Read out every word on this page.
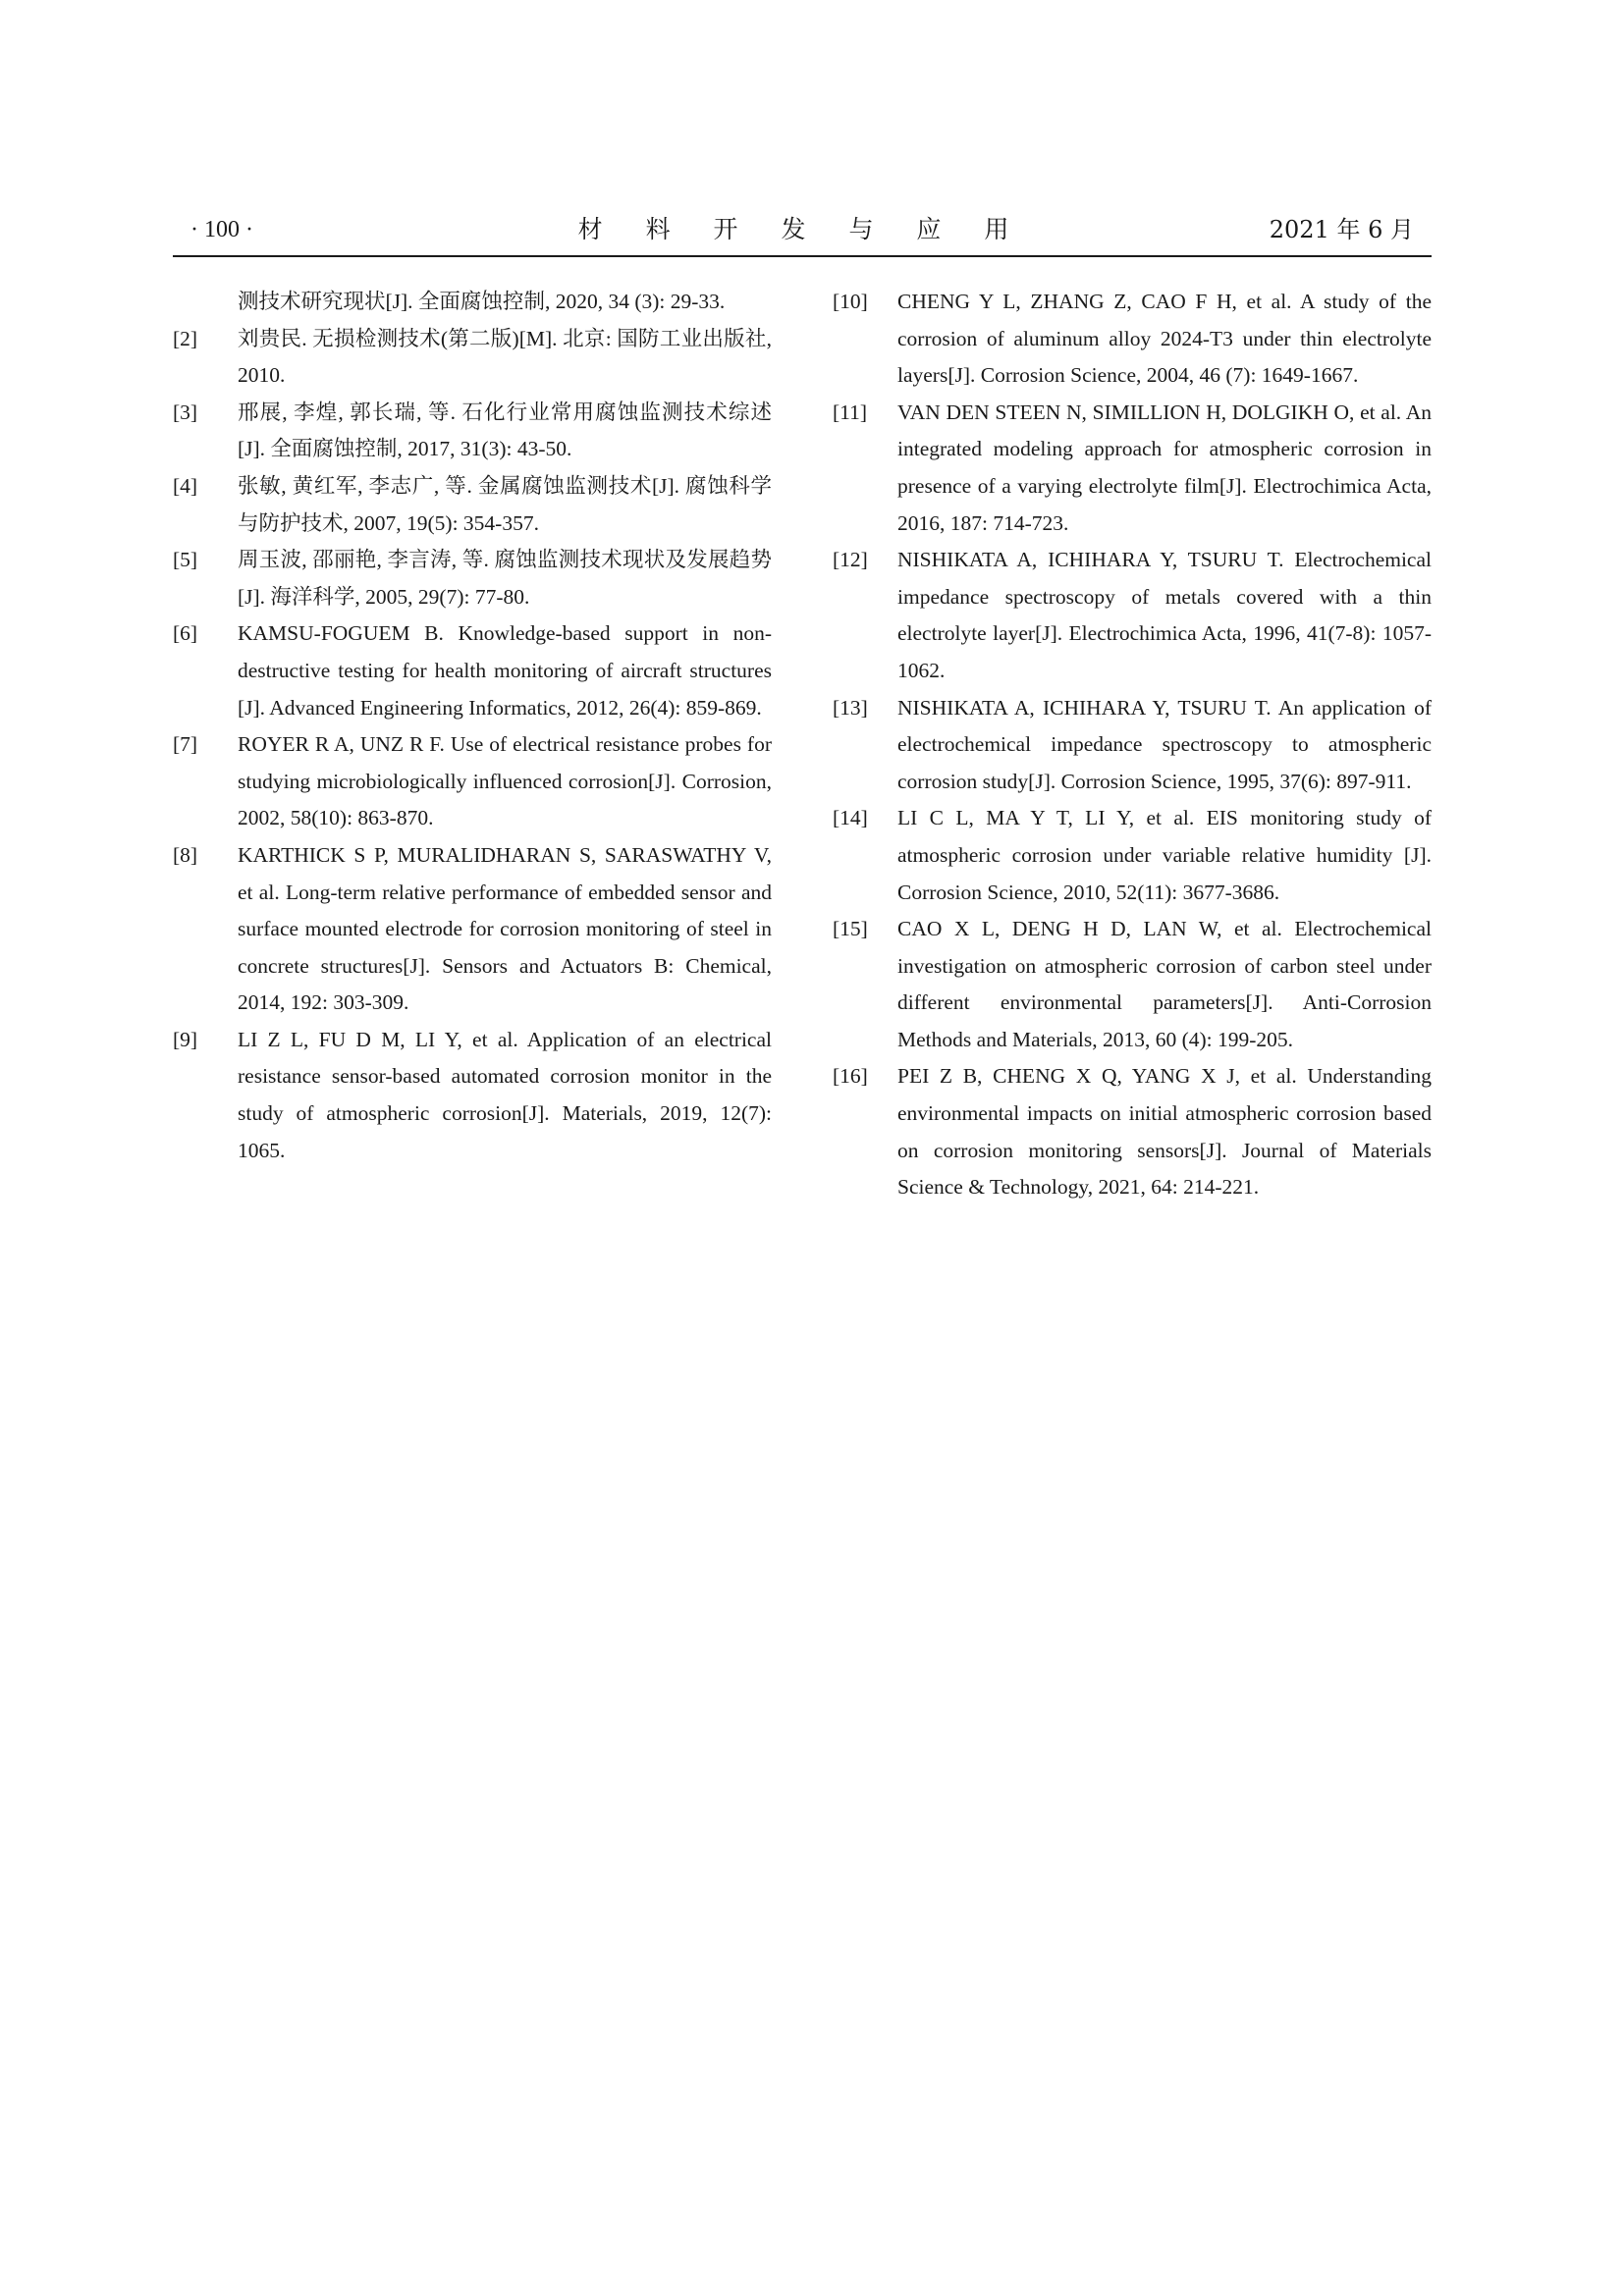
· 100 ·	材 料 开 发 与 应 用	2021 年 6 月
测技术研究现状[J]. 全面腐蚀控制, 2020, 34 (3): 29-33.
[2] 刘贵民. 无损检测技术(第二版)[M]. 北京: 国防工业出版社, 2010.
[3] 邢展, 李煌, 郭长瑞, 等. 石化行业常用腐蚀监测技术综述[J]. 全面腐蚀控制, 2017, 31(3): 43-50.
[4] 张敏, 黄红军, 李志广, 等. 金属腐蚀监测技术[J]. 腐蚀科学与防护技术, 2007, 19(5): 354-357.
[5] 周玉波, 邵丽艳, 李言涛, 等. 腐蚀监测技术现状及发展趋势[J]. 海洋科学, 2005, 29(7): 77-80.
[6] KAMSU-FOGUEM B. Knowledge-based support in non-destructive testing for health monitoring of aircraft structures [J]. Advanced Engineering Informatics, 2012, 26(4): 859-869.
[7] ROYER R A, UNZ R F. Use of electrical resistance probes for studying microbiologically influenced corrosion[J]. Corrosion, 2002, 58(10): 863-870.
[8] KARTHICK S P, MURALIDHARAN S, SARASWATHY V, et al. Long-term relative performance of embedded sensor and surface mounted electrode for corrosion monitoring of steel in concrete structures[J]. Sensors and Actuators B: Chemical, 2014, 192: 303-309.
[9] LI Z L, FU D M, LI Y, et al. Application of an electrical resistance sensor-based automated corrosion monitor in the study of atmospheric corrosion[J]. Materials, 2019, 12(7): 1065.
[10] CHENG Y L, ZHANG Z, CAO F H, et al. A study of the corrosion of aluminum alloy 2024-T3 under thin electrolyte layers[J]. Corrosion Science, 2004, 46 (7): 1649-1667.
[11] VAN DEN STEEN N, SIMILLION H, DOLGIKH O, et al. An integrated modeling approach for atmospheric corrosion in presence of a varying electrolyte film[J]. Electrochimica Acta, 2016, 187: 714-723.
[12] NISHIKATA A, ICHIHARA Y, TSURU T. Electrochemical impedance spectroscopy of metals covered with a thin electrolyte layer[J]. Electrochimica Acta, 1996, 41(7-8): 1057-1062.
[13] NISHIKATA A, ICHIHARA Y, TSURU T. An application of electrochemical impedance spectroscopy to atmospheric corrosion study[J]. Corrosion Science, 1995, 37(6): 897-911.
[14] LI C L, MA Y T, LI Y, et al. EIS monitoring study of atmospheric corrosion under variable relative humidity [J]. Corrosion Science, 2010, 52(11): 3677-3686.
[15] CAO X L, DENG H D, LAN W, et al. Electrochemical investigation on atmospheric corrosion of carbon steel under different environmental parameters[J]. Anti-Corrosion Methods and Materials, 2013, 60 (4): 199-205.
[16] PEI Z B, CHENG X Q, YANG X J, et al. Understanding environmental impacts on initial atmospheric corrosion based on corrosion monitoring sensors[J]. Journal of Materials Science & Technology, 2021, 64: 214-221.
